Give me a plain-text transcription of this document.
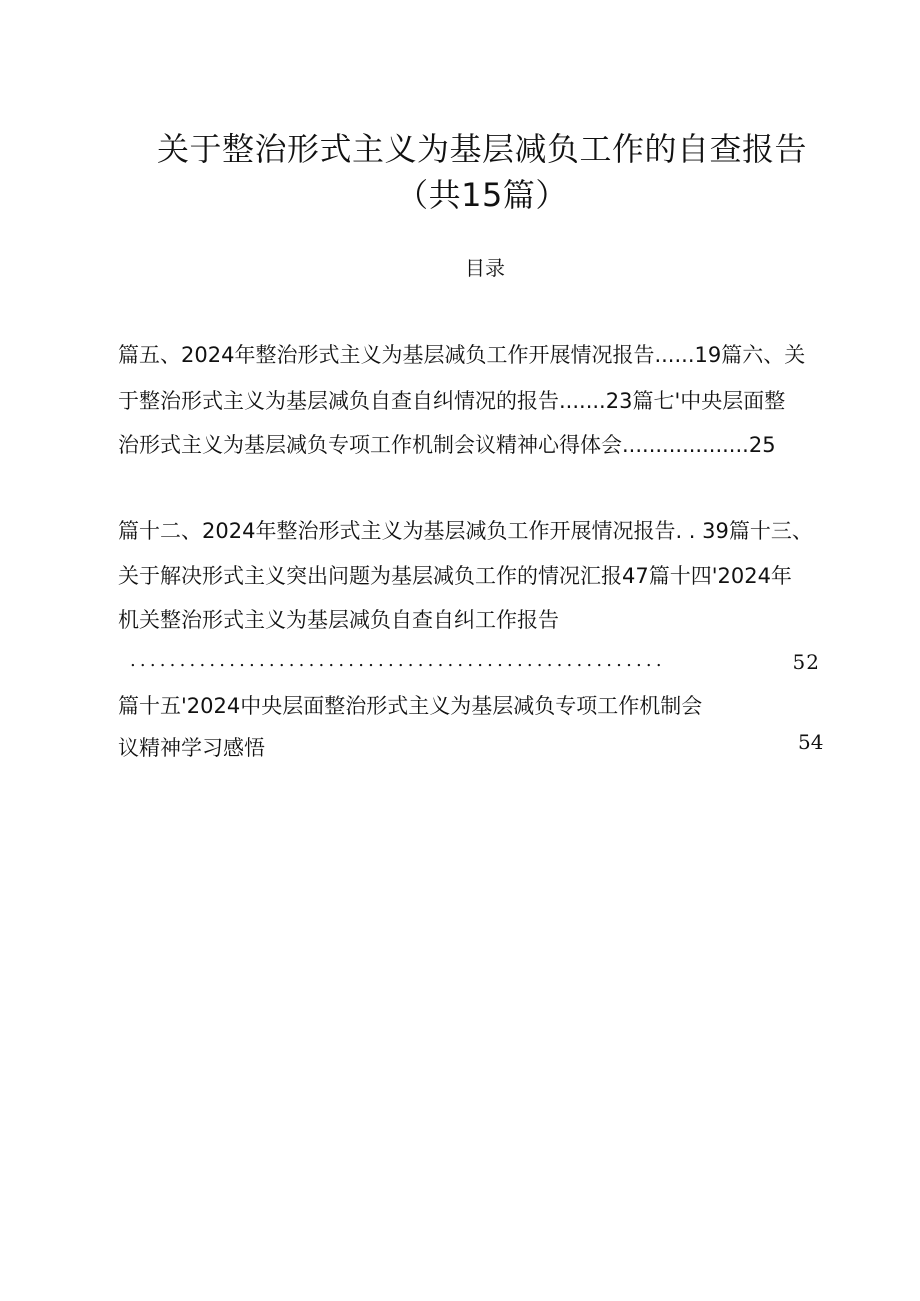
关于整治形式主义为基层减负工作的自查报告
（共15篇）
目录
篇五、2024年整治形式主义为基层减负工作开展情况报告......19篇六、关
于整治形式主义为基层减负自查自纠情况的报告.......23篇七'中央层面整
治形式主义为基层减负专项工作机制会议精神心得体会...................25
篇十二、2024年整治形式主义为基层减负工作开展情况报告. . 39篇十三、
关于解决形式主义突出问题为基层减负工作的情况汇报47篇十四'2024年
机关整治形式主义为基层减负自查自纠工作报告
......................................................	52
篇十五'2024中央层面整治形式主义为基层减负专项工作机制会
议精神学习感悟	54
